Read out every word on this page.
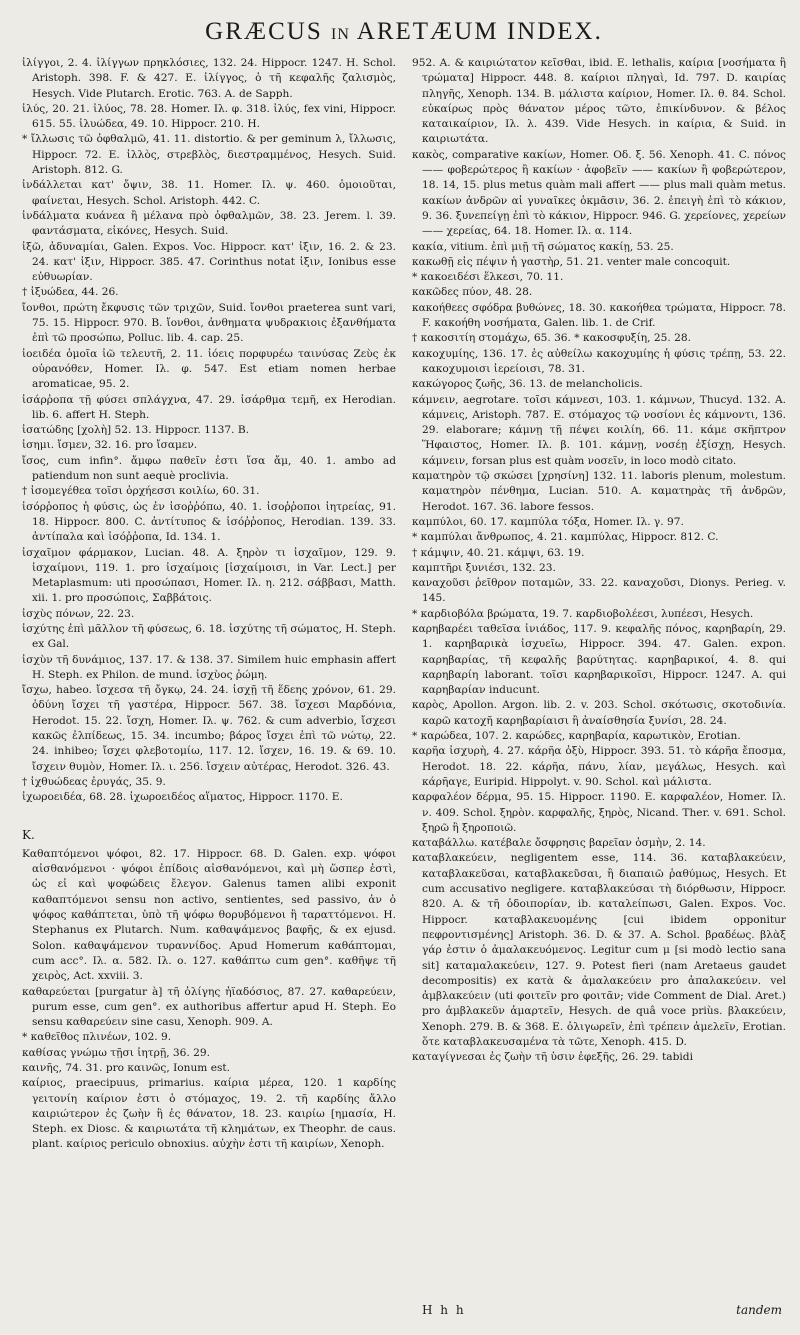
GRÆCUS IN ARETÆUM INDEX.

ἰλίγγοι, 2. 4. ἰλίγγων πρηκλόσιες, 132. 24. Hippocr. 1247. H. Schol. Aristoph. 398. F. & 427. E. ἰλίγγος, ὁ τῆ κεφαλῆς ζαλισμὸς, Hesych. Vide Plutarch. Erotic. 763. A. de Sapph.

ἰλύς, 20. 21. ἰλύος, 78. 28. Homer. Ιλ. φ. 318. ἰλύς, fex vini, Hippocr. 615. 55. ἰλυώδεα, 49. 10. Hippocr. 210. H.

* ἴλλωσις τῶ ὀφθαλμῶ, 41. 11. distortio. & per geminum λ, ἴλλωσις, Hippocr. 72. E. ἰλλὸς, στρεβλὸς, διεστραμμένος, Hesych. Suid. Aristoph. 812. G.

ἰνδάλλεται κατ' ὄψιν, 38. 11. Homer. Ιλ. ψ. 460. ὁμοιοῦται, φαίνεται, Hesych. Schol. Aristoph. 442. C.

ἰνδάλματα κυάνεα ἢ μέλανα πρὸ ὀφθαλμῶν, 38. 23. Jerem. l. 39. φαντάσματα, εἰκόνες, Hesych. Suid.

ἰξῶ, ἀδυναμίαι, Galen. Expos. Voc. Hippocr. κατ' ἰξιν, 16. 2. & 23. 24. κατ' ἰξιν, Hippocr. 385. 47. Corinthus notat ἰξιν, Ionibus esse εὐθυωρίαν.

† ἰξυώδεα, 44. 26.

ἴονθοι, πρώτη ἔκφυσις τῶν τριχῶν, Suid. ἴονθοι praeterea sunt vari, 75. 15. Hippocr. 970. B. ἴονθοι, ἀνθηματα ψυδρακιοις ἐξανθήματα ἐπὶ τῶ προσώπω, Polluc. lib. 4. cap. 25.

ἰοειδέα ὁμοῖα ἰῶ τελευτῆ, 2. 11. ἰόεις πορφυρέω ταινύσας Ζεὺς ἐκ οὐρανόθεν, Homer. Ιλ. φ. 547. Est etiam nomen herbae aromaticae, 95. 2.

ἰσάρῥοπα τῇ φύσει σπλάγχνα, 47. 29. ἰσάρθμα τεμῆ, ex Herodian. lib. 6. affert H. Steph.

ἰσατώδης [χολὴ] 52. 13. Hippocr. 1137. B.

ἰσημι. ἴσμεν, 32. 16. pro ἴσαμεν.

ἴσος, cum infin°. ἄμφω παθεῖν ἐστι ἴσα ἄμ, 40. 1. ambo ad patiendum non sunt aequè proclivia.

† ἰσομεγέθεα τοῖσι ὀρχήεσσι κοιλίω, 60. 31.

ἰσόρῥοπος ἡ φύσις, ὡς ἐν ἰσοῤῥόπω, 40. 1. ἰσοῤῥοποι ἰητρείας, 91. 18. Hippocr. 800. C. ἀντίτυπος & ἰσόῤῥοπος, Herodian. 139. 33. ἀντίπαλα καὶ ἰσόῤῥοπα, Id. 134. 1.

ἰσχαῖμον φάρμακον, Lucian. 48. A. ξηρὸν τι ἰσχαῖμον, 129. 9. ἰσχαίμονι, 119. 1. pro ἰσχαίμοις [ἰσχαίμοισι, in Var. Lect.] per Metaplasmum: uti προσώπασι, Homer. Ιλ. η. 212. σάββασι, Matth. xii. 1. pro προσώποις, Σαββάτοις.

ἰσχὺς πόνων, 22. 23.

ἰσχύτης ἐπὶ μᾶλλον τῆ φύσεως, 6. 18. ἰσχύτης τῆ σώματος, H. Steph. ex Gal.

ἰσχὺν τῆ δυνάμιος, 137. 17. & 138. 37. Similem huic emphasin affert H. Steph. ex Philon. de mund. ἰσχὺος ῥώμη.

ἴσχω, habeo. ἴσχεσα τῆ ὄγκῳ, 24. 24. ἰσχῇ τῆ ἕδεης χρόνον, 61. 29. ὀδύνη ἴσχει τῆ γαστέρα, Hippocr. 567. 38. ἴσχεσι Μαρδόνια, Herodot. 15. 22. ἴσχη, Homer. Ιλ. ψ. 762. & cum adverbio, ἴσχεσι κακῶς ἐλπίδεως, 15. 34. incumbo; βάρος ἴσχει ἐπὶ τῶ νώτῳ, 22. 24. inhibeo; ἴσχει φλεβοτομίω, 117. 12. ἴσχεν, 16. 19. & 69. 10. ἴσχειν θυμὸν, Homer. Ιλ. ι. 256. ἴσχειν αὐτέρας, Herodot. 326. 43.

† ἰχθυώδεας ἐρυγάς, 35. 9.

ἰχωροειδέα, 68. 28. ἰχωροειδέος αἵματος, Hippocr. 1170. E.

K.

Καθαπτόμενοι ψόφοι, 82. 17. Hippocr. 68. D. Galen. exp. ψόφοι αἰσθανόμενοι · ψόφοι ἐπίδοις αἰσθανόμενοι, καὶ μὴ ὥσπερ ἐστὶ, ὡς εἰ καὶ ψοφώδεις ἔλεγον. Galenus tamen alibi exponit καθαπτόμενοι sensu non activo, sentientes, sed passivo, ἀν ὁ ψόφος καθάπτεται, ὑπὸ τῆ ψόφω θορυβόμενοι ἢ ταραττόμενοι. H. Stephanus ex Plutarch. Num. καθαψάμενος βαφῆς, & ex ejusd. Solon. καθαψάμενον τυραννίδος. Apud Homerum καθάπτομαι, cum acc°. Ιλ. α. 582. Ιλ. ο. 127. καθάπτω cum gen°. καθῆψε τῆ χειρὸς, Act. xxviii. 3.

καθαρεύεται [purgatur à] τῆ ὀλίγης ἠϊαδόσιος, 87. 27. καθαρεύειν, purum esse, cum gen°. ex authoribus affertur apud H. Steph. Eo sensu καθαρεύειν sine casu, Xenoph. 909. A.

* καθεῖθος πλινέων, 102. 9.

καθίσας γνώμω τῇσι ἰητρῇ, 36. 29.

καινῆς, 74. 31. pro καινῶς, Ionum est.

καίριος, praecipuus, primarius. καίρια μέρεα, 120. 1 καρδίης γειτονίη καίριον ἐστι ὁ στόμαχος, 19. 2. τῆ καρδίης ἄλλο καιριώτερον ἐς ζωὴν ἢ ἐς θάνατον, 18. 23. καιρίω [ημασία, H. Steph. ex Diosc. & καιριωτάτα τῆ κλημάτων, ex Theophr. de caus. plant. καίριος periculo obnoxius. αὐχὴν ἐστι τῆ καιρίων, Xenoph.

952. A. & καιριώτατον κεῖσθαι, ibid. E. lethalis, καίρια [νοσήματα ἢ τρώματα] Hippocr. 448. 8. καίριοι πληγαὶ, Id. 797. D. καιρίας πληγῆς, Xenoph. 134. B. μάλιστα καίριον, Homer. Ιλ. θ. 84. Schol. εὐκαίρως πρὸς θάνατον μέρος τῶτο, ἐπικίνδυνον. & βέλος καταικαίριον, Ιλ. λ. 439. Vide Hesych. in καίρια, & Suid. in καιριωτάτα.

κακὸς, comparative κακίων, Homer. Οδ. ξ. 56. Xenoph. 41. C. πόνος —— φοβερώτερος ἢ κακίων · ἀφοβεῖν —— κακίων ἢ φοβερώτερον, 18. 14, 15. plus metus quàm mali affert —— plus mali quàm metus. κακίων ἀνδρῶν αἱ γυναῖκες ὁκμᾶσιν, 36. 2. ἐπειγὴ ἐπὶ τὸ κάκιον, 9. 36. ξυνεπείγῃ ἐπὶ τὸ κάκιον, Hippocr. 946. G. χερείονες, χερείων —— χερείας, 64. 18. Homer. Ιλ. α. 114.

κακία, vitium. ἐπὶ μιῇ τῆ σώματος κακίῃ, 53. 25.

κακωθῇ εἰς πέψιν ἡ γαστὴρ, 51. 21. venter male concoquit.

* κακοειδέσι ἕλκεσι, 70. 11.

κακῶδες πύον, 48. 28.

κακοήθεες σφόδρα βυθώνες, 18. 30. κακοήθεα τρώματα, Hippocr. 78. F. κακοήθη νοσήματα, Galen. lib. 1. de Crif.

† κακοσιτίη στομάχω, 65. 36. * κακοσφυξίη, 25. 28.

κακοχυμίης, 136. 17. ἐς αὐθείλω κακοχυμίης ἡ φύσις τρέπῃ, 53. 22. κακοχυμοισι ἰερείοισι, 78. 31.

κακώγορος ζωῆς, 36. 13. de melancholicis.

κάμνειν, aegrotare. τοῖσι κάμνεσι, 103. 1. κάμνων, Thucyd. 132. A. κάμνεις, Aristoph. 787. E. στόμαχος τῷ νοσίονι ἐς κάμνοντι, 136. 29. elaborare; κάμνῃ τῇ πέψει κοιλίη, 66. 11. κάμε σκῆπτρον Ἥφαιστος, Homer. Ιλ. β. 101. κάμνῃ, νοσέῃ ἐξίσχῃ, Hesych. κάμνειν, forsan plus est quàm νοσεῖν, in loco modò citato.

καματηρὸν τῷ σκώσει [χρησίνη] 132. 11. laboris plenum, molestum. καματηρὸν πένθημα, Lucian. 510. A. καματηρὰς τῆ ἀνδρῶν, Herodot. 167. 36. labore fessos.

καμπύλοι, 60. 17. καμπύλα τόξα, Homer. Ιλ. γ. 97.

* καμπύλαι ἄνθρωπος, 4. 21. καμπύλας, Hippocr. 812. C.

† κάμψιν, 40. 21. κάμψι, 63. 19.

καμπτῆρι ξυνιέσι, 132. 23.

καναχοῦσι ῥεῖθρον ποταμῶν, 33. 22. καναχοῦσι, Dionys. Perieg. v. 145.

* καρδιοβόλα βρώματα, 19. 7. καρδιοβολέεσι, λυπέεσι, Hesych.

καρηβαρέει ταθεῖσα ἰνιάδος, 117. 9. κεφαλῆς πόνος, καρηβαρίη, 29. 1. καρηβαρικὰ ἰσχυεῖω, Hippocr. 394. 47. Galen. expon. καρηβαρίας, τῆ κεφαλῆς βαρύτητας. καρηβαρικοί, 4. 8. qui καρηβαρίη laborant. τοῖσι καρηβαρικοῖσι, Hippocr. 1247. A. qui καρηβαρίαν inducunt.

καρὸς, Apollon. Argon. lib. 2. v. 203. Schol. σκότωσις, σκοτοδινία. καρῶ κατοχῆ καρηβαρίαισι ἢ ἀναίσθησία ξυνίσι, 28. 24.

* καρώδεα, 107. 2. καρώδες, καρηβαρία, καρωτικὸν, Erotian.

καρῆα ἰσχυρὴ, 4. 27. κάρῆα ὀξὺ, Hippocr. 393. 51. τὸ κάρῆα ἔποσμα, Herodot. 18. 22. κάρῆα, πάνυ, λίαν, μεγάλως, Hesych. καὶ κάρῆαγε, Euripid. Hippolyt. v. 90. Schol. καὶ μάλιστα.

καρφαλέον δέρμα, 95. 15. Hippocr. 1190. E. καρφαλέον, Homer. Ιλ. ν. 409. Schol. ξηρὸν. καρφαλῆς, ξηρὸς, Nicand. Ther. v. 691. Schol. ξηρῶ ἢ ξηροποιῶ.

καταβάλλω. κατέβαλε ὄσφρησις βαρεῖαν ὀσμὴν, 2. 14.

καταβλακεύειν, negligentem esse, 114. 36. καταβλακεύειν, καταβλακεῦσαι, καταβλακεῦσαι, ἢ διαπαιῶ ῥαθύμως, Hesych. Et cum accusativo negligere. καταβλακεύσαι τὴ διόρθωσιν, Hippocr. 820. A. & τῆ ὀδοιπορίαν, ib. καταλείπωσι, Galen. Expos. Voc. Hippocr. καταβλακευομένης [cui ibidem opponitur πεφροντισμένης] Aristoph. 36. D. & 37. A. Schol. βραδέως. βλὰξ γάρ ἐστιν ὁ ἀμαλακευόμενος. Legitur cum μ [si modò lectio sana sit] καταμαλακεύειν, 127. 9. Potest fieri (nam Aretaeus gaudet decompositis) ex κατὰ & ἀμαλακεύειν pro ἀπαλακεύειν. vel ἀμβλακεύειν (uti φοιτεῖν pro φοιτᾶν; vide Comment de Dial. Aret.) pro ἀμβλακεῦν ἀμαρτεῖν, Hesych. de quâ voce priùs. βλακεύειν, Xenoph. 279. B. & 368. E. ὀλιγωρεῖν, ἐπὶ τρέπειν ἀμελεῖν, Erotian. ὅτε καταβλακευσαμένα τὰ τῶτε, Xenoph. 415. D.

καταγίγνεσαι ἐς ζωὴν τῆ ὑσιν ἐφεξῆς, 26. 29. tabidi

H h h	tandem
